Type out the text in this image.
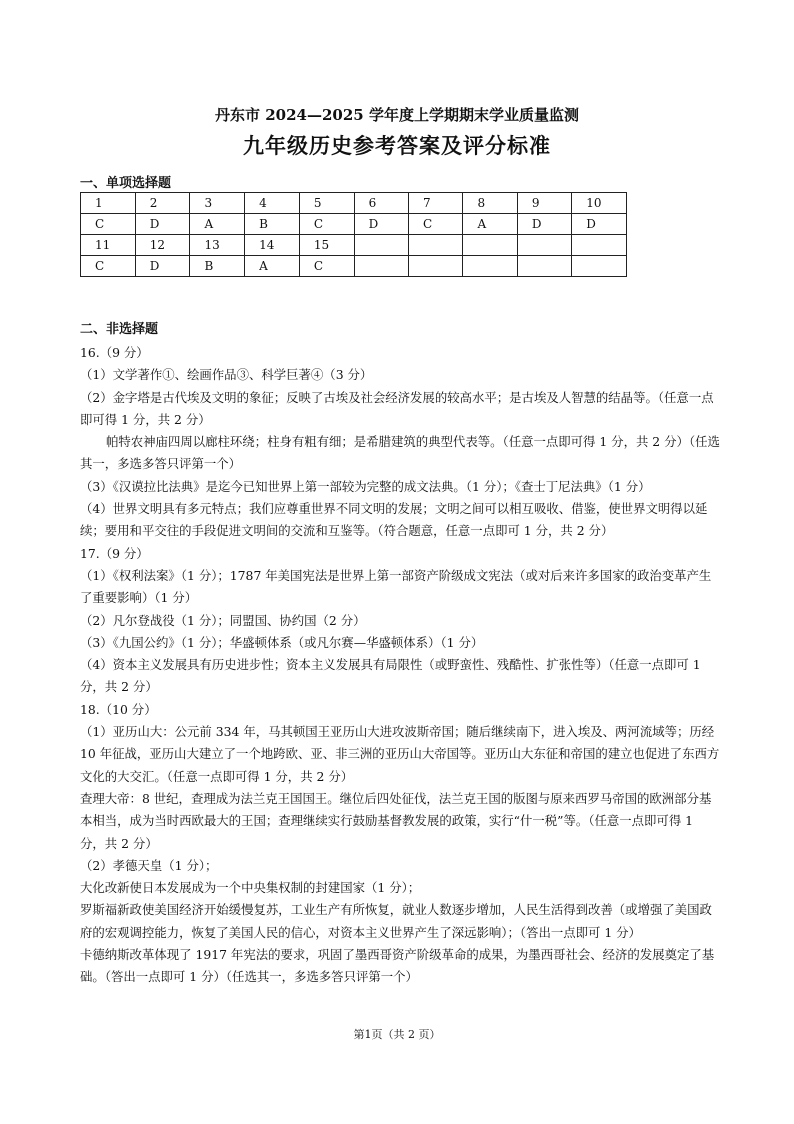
丹东市 2024—2025 学年度上学期期末学业质量监测
九年级历史参考答案及评分标准
一、单项选择题
1	2	3	4	5	6	7	8	9	10
C	D	A	B	C	D	C	A	D	D
11	12	13	14	15					
C	D	B	A	C					
二、非选择题

16.（9 分）

（1）文学著作①、绘画作品③、科学巨著④（3 分）

（2）金字塔是古代埃及文明的象征；反映了古埃及社会经济发展的较高水平；是古埃及人智慧的结晶等。（任意一点即可得 1 分，共 2 分）

帕特农神庙四周以廊柱环绕；柱身有粗有细；是希腊建筑的典型代表等。（任意一点即可得 1 分，共 2 分）（任选其一，多选多答只评第一个）

（3）《汉谟拉比法典》是迄今已知世界上第一部较为完整的成文法典。（1 分）；《查士丁尼法典》（1 分）

（4）世界文明具有多元特点；我们应尊重世界不同文明的发展；文明之间可以相互吸收、借鉴，使世界文明得以延续；要用和平交往的手段促进文明间的交流和互鉴等。（符合题意，任意一点即可 1 分，共 2 分）

17.（9 分）

（1）《权利法案》（1 分）；1787 年美国宪法是世界上第一部资产阶级成文宪法（或对后来许多国家的政治变革产生了重要影响）（1 分）

（2）凡尔登战役（1 分）；同盟国、协约国（2 分）

（3）《九国公约》（1 分）；华盛顿体系（或凡尔赛—华盛顿体系）（1 分）

（4）资本主义发展具有历史进步性；资本主义发展具有局限性（或野蛮性、残酷性、扩张性等）（任意一点即可 1 分，共 2 分）

18.（10 分）

（1）亚历山大：公元前 334 年，马其顿国王亚历山大进攻波斯帝国；随后继续南下，进入埃及、两河流域等；历经 10 年征战，亚历山大建立了一个地跨欧、亚、非三洲的亚历山大帝国等。亚历山大东征和帝国的建立也促进了东西方文化的大交汇。（任意一点即可得 1 分，共 2 分）

查理大帝：8 世纪，查理成为法兰克王国国王。继位后四处征伐，法兰克王国的版图与原来西罗马帝国的欧洲部分基本相当，成为当时西欧最大的王国；查理继续实行鼓励基督教发展的政策，实行“什一税”等。（任意一点即可得 1 分，共 2 分）

（2）孝德天皇（1 分）；

大化改新使日本发展成为一个中央集权制的封建国家（1 分）；

罗斯福新政使美国经济开始缓慢复苏，工业生产有所恢复，就业人数逐步增加，人民生活得到改善（或增强了美国政府的宏观调控能力，恢复了美国人民的信心，对资本主义世界产生了深远影响）；（答出一点即可 1 分）

卡德纳斯改革体现了 1917 年宪法的要求，巩固了墨西哥资产阶级革命的成果，为墨西哥社会、经济的发展奠定了基础。（答出一点即可 1 分）（任选其一，多选多答只评第一个）

第1页（共 2 页）
